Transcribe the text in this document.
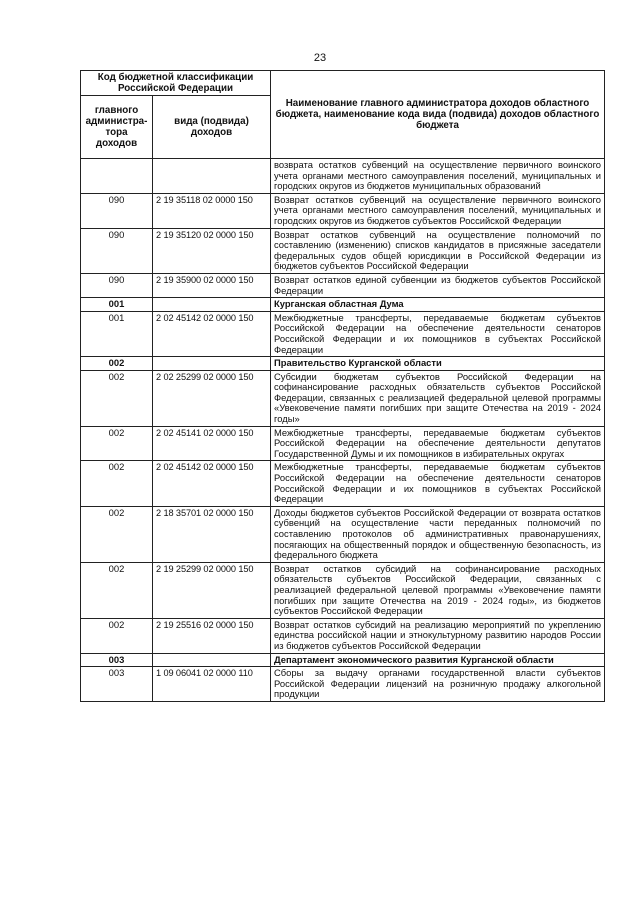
23
Код бюджетной классификации Российской Федерации		Наименование главного администратора доходов областного бюджета, наименование кода вида (подвида) доходов областного бюджета
главного администра- тора доходов	вида (подвида) доходов	
		возврата остатков субвенций на осуществление первичного воинского учета органами местного самоуправления поселений, муниципальных и городских округов из бюджетов муниципальных образований
090	2 19 35118 02 0000 150	Возврат остатков субвенций на осуществление первичного воинского учета органами местного самоуправления поселений, муниципальных и городских округов из бюджетов субъектов Российской Федерации
090	2 19 35120 02 0000 150	Возврат остатков субвенций на осуществление полномочий по составлению (изменению) списков кандидатов в присяжные заседатели федеральных судов общей юрисдикции в Российской Федерации из бюджетов субъектов Российской Федерации
090	2 19 35900 02 0000 150	Возврат остатков единой субвенции из бюджетов субъектов Российской Федерации
001		Курганская областная Дума
001	2 02 45142 02 0000 150	Межбюджетные трансферты, передаваемые бюджетам субъектов Российской Федерации на обеспечение деятельности сенаторов Российской Федерации и их помощников в субъектах Российской Федерации
002		Правительство Курганской области
002	2 02 25299 02 0000 150	Субсидии бюджетам субъектов Российской Федерации на софинансирование расходных обязательств субъектов Российской Федерации, связанных с реализацией федеральной целевой программы «Увековечение памяти погибших при защите Отечества на 2019 - 2024 годы»
002	2 02 45141 02 0000 150	Межбюджетные трансферты, передаваемые бюджетам субъектов Российской Федерации на обеспечение деятельности депутатов Государственной Думы и их помощников в избирательных округах
002	2 02 45142 02 0000 150	Межбюджетные трансферты, передаваемые бюджетам субъектов Российской Федерации на обеспечение деятельности сенаторов Российской Федерации и их помощников в субъектах Российской Федерации
002	2 18 35701 02 0000 150	Доходы бюджетов субъектов Российской Федерации от возврата остатков субвенций на осуществление части переданных полномочий по составлению протоколов об административных правонарушениях, посягающих на общественный порядок и общественную безопасность, из федерального бюджета
002	2 19 25299 02 0000 150	Возврат остатков субсидий на софинансирование расходных обязательств субъектов Российской Федерации, связанных с реализацией федеральной целевой программы «Увековечение памяти погибших при защите Отечества на 2019 - 2024 годы», из бюджетов субъектов Российской Федерации
002	2 19 25516 02 0000 150	Возврат остатков субсидий на реализацию мероприятий по укреплению единства российской нации и этнокультурному развитию народов России из бюджетов субъектов Российской Федерации
003		Департамент экономического развития Курганской области
003	1 09 06041 02 0000 110	Сборы за выдачу органами государственной власти субъектов Российской Федерации лицензий на розничную продажу алкогольной продукции
